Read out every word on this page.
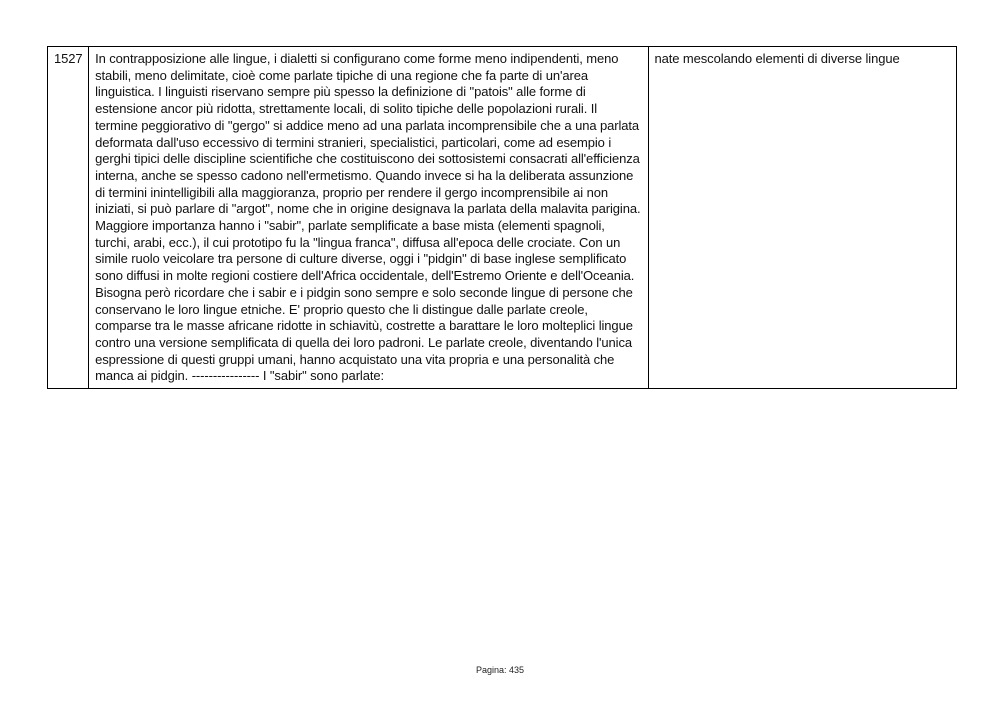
1527	In contrapposizione alle lingue, i dialetti si configurano come forme meno indipendenti, meno stabili, meno delimitate, cioè come parlate tipiche di una regione che fa parte di un'area linguistica. I linguisti riservano sempre più spesso la definizione di "patois" alle forme di estensione ancor più ridotta, strettamente locali, di solito tipiche delle popolazioni rurali. Il termine peggiorativo di "gergo" si addice meno ad una parlata incomprensibile che a una parlata deformata dall'uso eccessivo di termini stranieri, specialistici, particolari, come ad esempio i gerghi tipici delle discipline scientifiche che costituiscono dei sottosistemi consacrati all'efficienza interna, anche se spesso cadono nell'ermetismo. Quando invece si ha la deliberata assunzione di termini inintelligibili alla maggioranza, proprio per rendere il gergo incomprensibile ai non iniziati, si può parlare di "argot", nome che in origine designava la parlata della malavita parigina. Maggiore importanza hanno i "sabir", parlate semplificate a base mista (elementi spagnoli, turchi, arabi, ecc.), il cui prototipo fu la "lingua franca", diffusa all'epoca delle crociate. Con un simile ruolo veicolare tra persone di culture diverse, oggi i "pidgin" di base inglese semplificato sono diffusi in molte regioni costiere dell'Africa occidentale, dell'Estremo Oriente e dell'Oceania. Bisogna però ricordare che i sabir e i pidgin sono sempre e solo seconde lingue di persone che conservano le loro lingue etniche. E' proprio questo che li distingue dalle parlate creole, comparse tra le masse africane ridotte in schiavitù, costrette a barattare le loro molteplici lingue contro una versione semplificata di quella dei loro padroni. Le parlate creole, diventando l'unica espressione di questi gruppi umani, hanno acquistato una vita propria e una personalità che manca ai pidgin. ---------------- I "sabir" sono parlate:	nate mescolando elementi di diverse lingue
Pagina: 435
